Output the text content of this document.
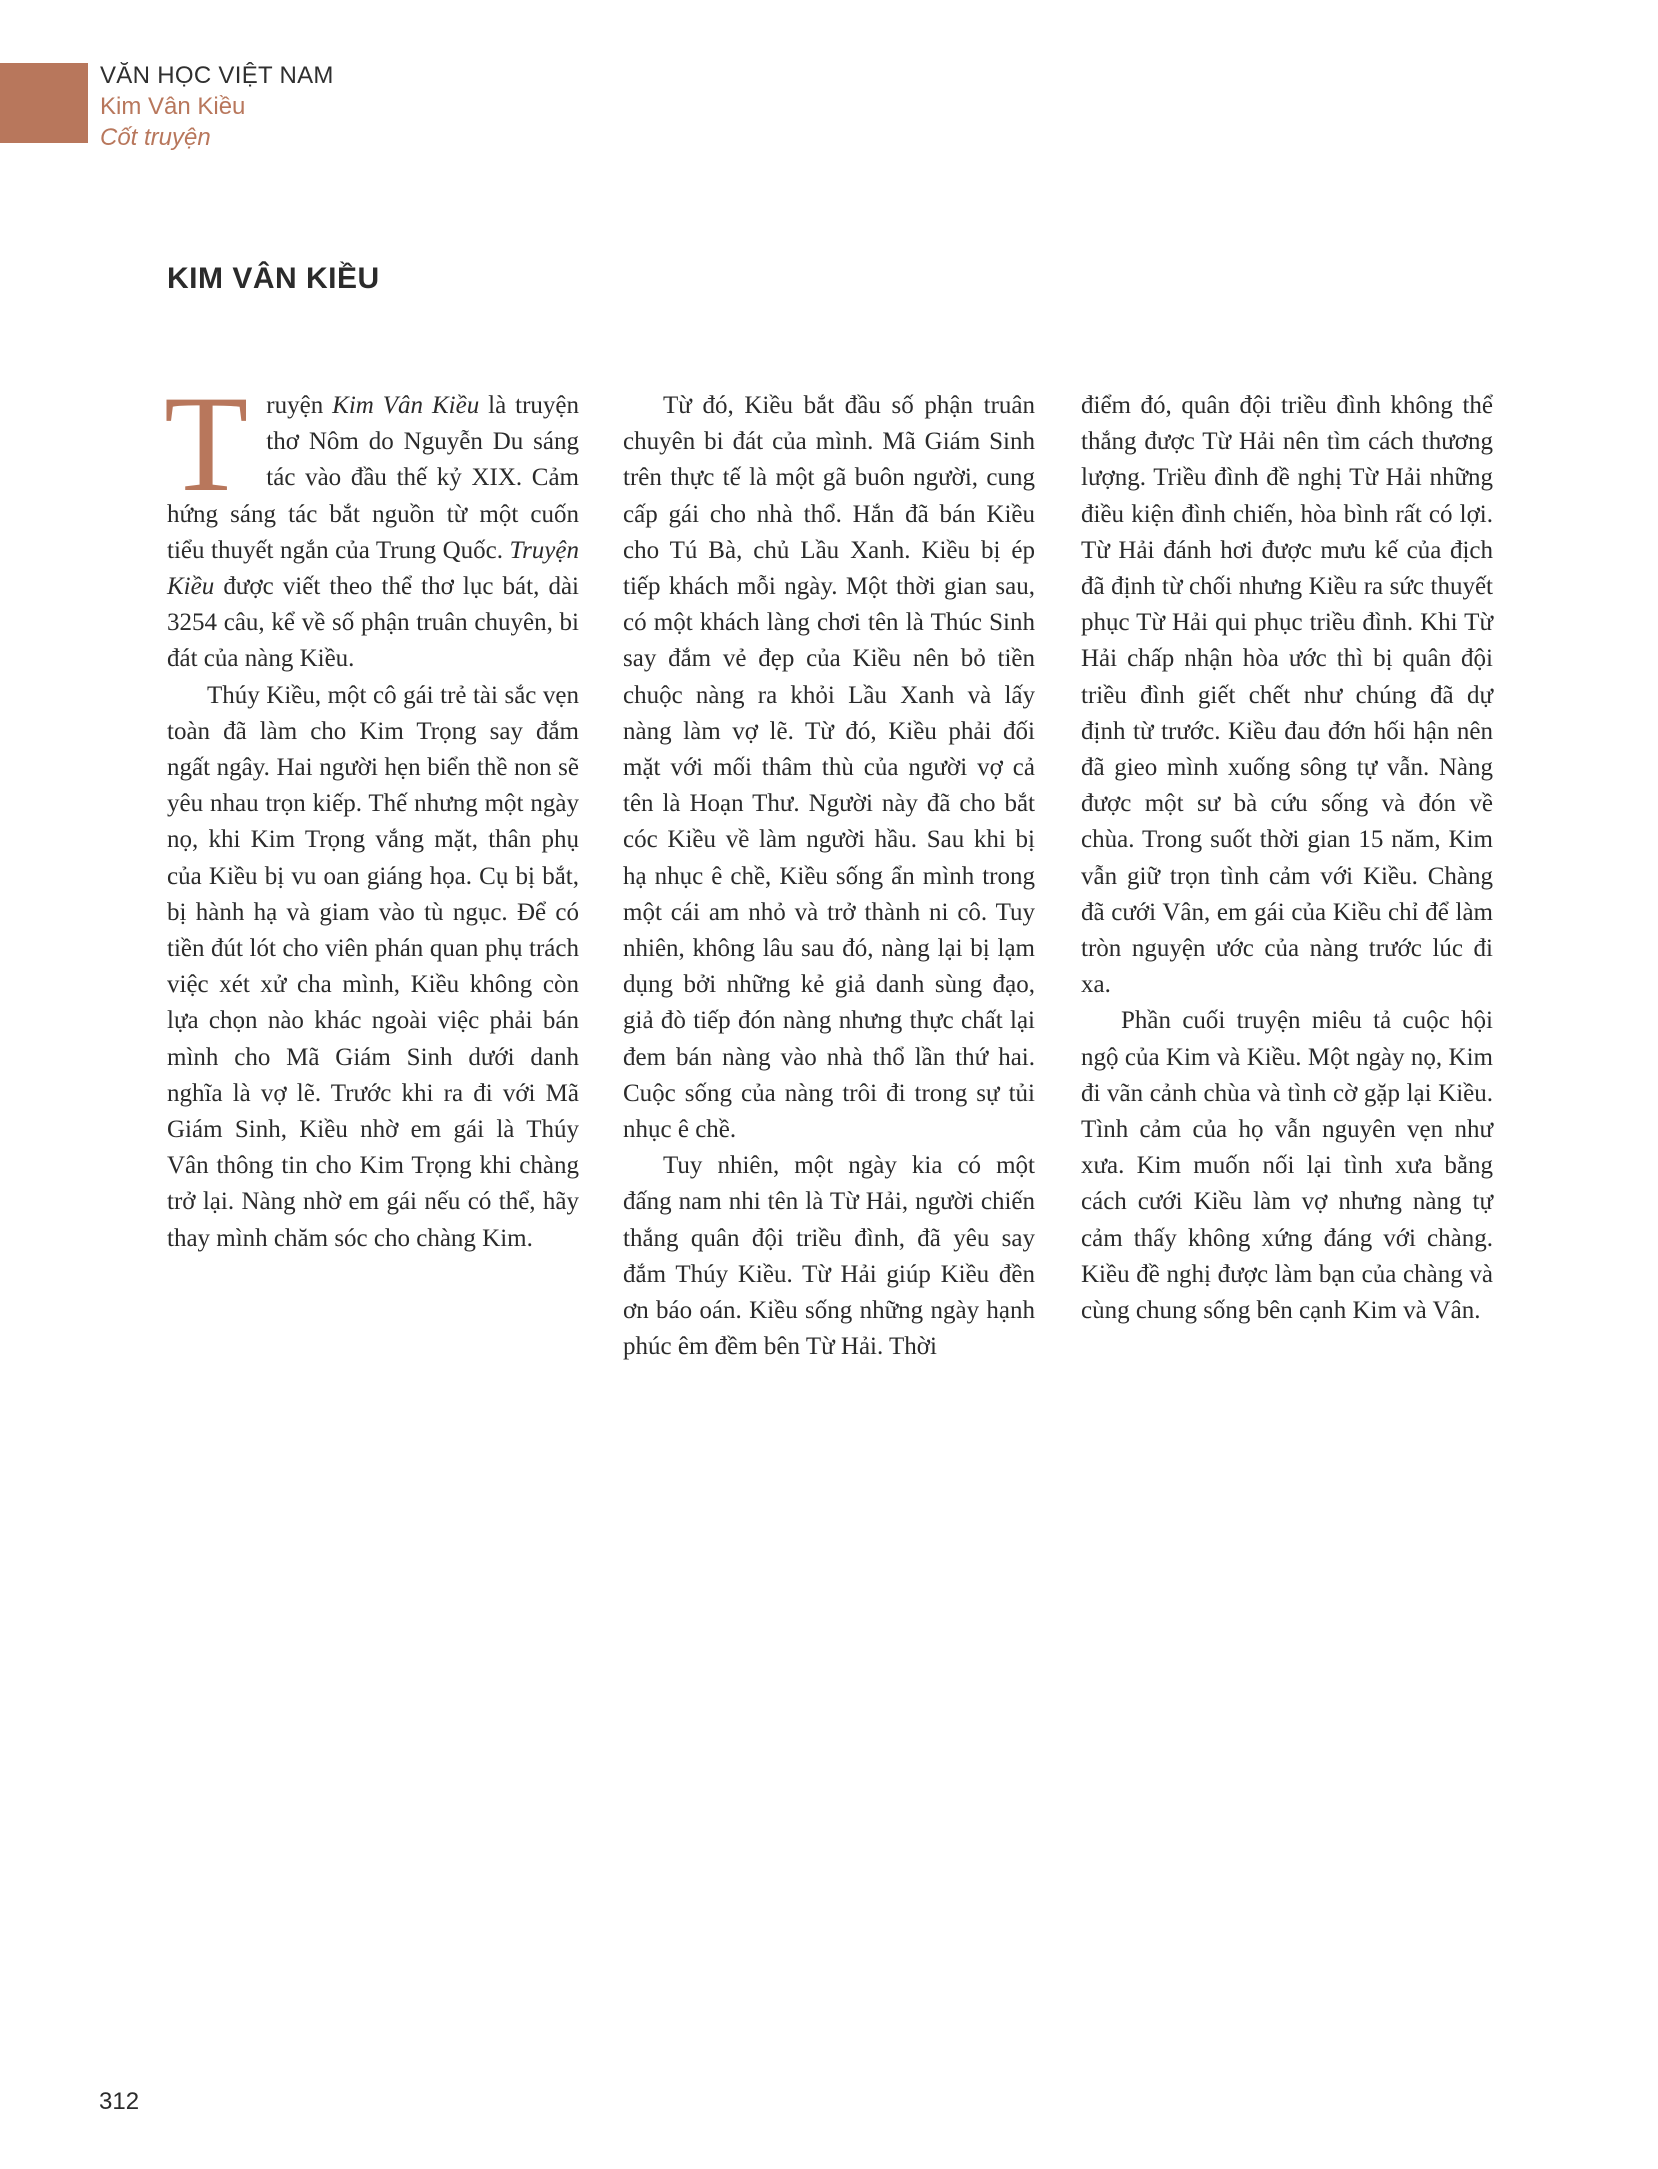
VĂN HỌC VIỆT NAM
Kim Vân Kiều
Cốt truyện
KIM VÂN KIỀU

Truyện Kim Vân Kiều là truyện thơ Nôm do Nguyễn Du sáng tác vào đầu thế kỷ XIX. Cảm hứng sáng tác bắt nguồn từ một cuốn tiểu thuyết ngắn của Trung Quốc. Truyện Kiều được viết theo thể thơ lục bát, dài 3254 câu, kể về số phận truân chuyên, bi đát của nàng Kiều.

Thúy Kiều, một cô gái trẻ tài sắc vẹn toàn đã làm cho Kim Trọng say đắm ngất ngây. Hai người hẹn biển thề non sẽ yêu nhau trọn kiếp. Thế nhưng một ngày nọ, khi Kim Trọng vắng mặt, thân phụ của Kiều bị vu oan giáng họa. Cụ bị bắt, bị hành hạ và giam vào tù ngục. Để có tiền đút lót cho viên phán quan phụ trách việc xét xử cha mình, Kiều không còn lựa chọn nào khác ngoài việc phải bán mình cho Mã Giám Sinh dưới danh nghĩa là vợ lẽ. Trước khi ra đi với Mã Giám Sinh, Kiều nhờ em gái là Thúy Vân thông tin cho Kim Trọng khi chàng trở lại. Nàng nhờ em gái nếu có thể, hãy thay mình chăm sóc cho chàng Kim.

Từ đó, Kiều bắt đầu số phận truân chuyên bi đát của mình. Mã Giám Sinh trên thực tế là một gã buôn người, cung cấp gái cho nhà thổ. Hắn đã bán Kiều cho Tú Bà, chủ Lầu Xanh. Kiều bị ép tiếp khách mỗi ngày. Một thời gian sau, có một khách làng chơi tên là Thúc Sinh say đắm vẻ đẹp của Kiều nên bỏ tiền chuộc nàng ra khỏi Lầu Xanh và lấy nàng làm vợ lẽ. Từ đó, Kiều phải đối mặt với mối thâm thù của người vợ cả tên là Hoạn Thư. Người này đã cho bắt cóc Kiều về làm người hầu. Sau khi bị hạ nhục ê chề, Kiều sống ẩn mình trong một cái am nhỏ và trở thành ni cô. Tuy nhiên, không lâu sau đó, nàng lại bị lạm dụng bởi những kẻ giả danh sùng đạo, giả đò tiếp đón nàng nhưng thực chất lại đem bán nàng vào nhà thổ lần thứ hai. Cuộc sống của nàng trôi đi trong sự tủi nhục ê chề.

Tuy nhiên, một ngày kia có một đấng nam nhi tên là Từ Hải, người chiến thắng quân đội triều đình, đã yêu say đắm Thúy Kiều. Từ Hải giúp Kiều đền ơn báo oán. Kiều sống những ngày hạnh phúc êm đềm bên Từ Hải. Thời

điểm đó, quân đội triều đình không thể thắng được Từ Hải nên tìm cách thương lượng. Triều đình đề nghị Từ Hải những điều kiện đình chiến, hòa bình rất có lợi. Từ Hải đánh hơi được mưu kế của địch đã định từ chối nhưng Kiều ra sức thuyết phục Từ Hải qui phục triều đình. Khi Từ Hải chấp nhận hòa ước thì bị quân đội triều đình giết chết như chúng đã dự định từ trước. Kiều đau đớn hối hận nên đã gieo mình xuống sông tự vẫn. Nàng được một sư bà cứu sống và đón về chùa. Trong suốt thời gian 15 năm, Kim vẫn giữ trọn tình cảm với Kiều. Chàng đã cưới Vân, em gái của Kiều chỉ để làm tròn nguyện ước của nàng trước lúc đi xa.

Phần cuối truyện miêu tả cuộc hội ngộ của Kim và Kiều. Một ngày nọ, Kim đi vãn cảnh chùa và tình cờ gặp lại Kiều. Tình cảm của họ vẫn nguyên vẹn như xưa. Kim muốn nối lại tình xưa bằng cách cưới Kiều làm vợ nhưng nàng tự cảm thấy không xứng đáng với chàng. Kiều đề nghị được làm bạn của chàng và cùng chung sống bên cạnh Kim và Vân.

312
